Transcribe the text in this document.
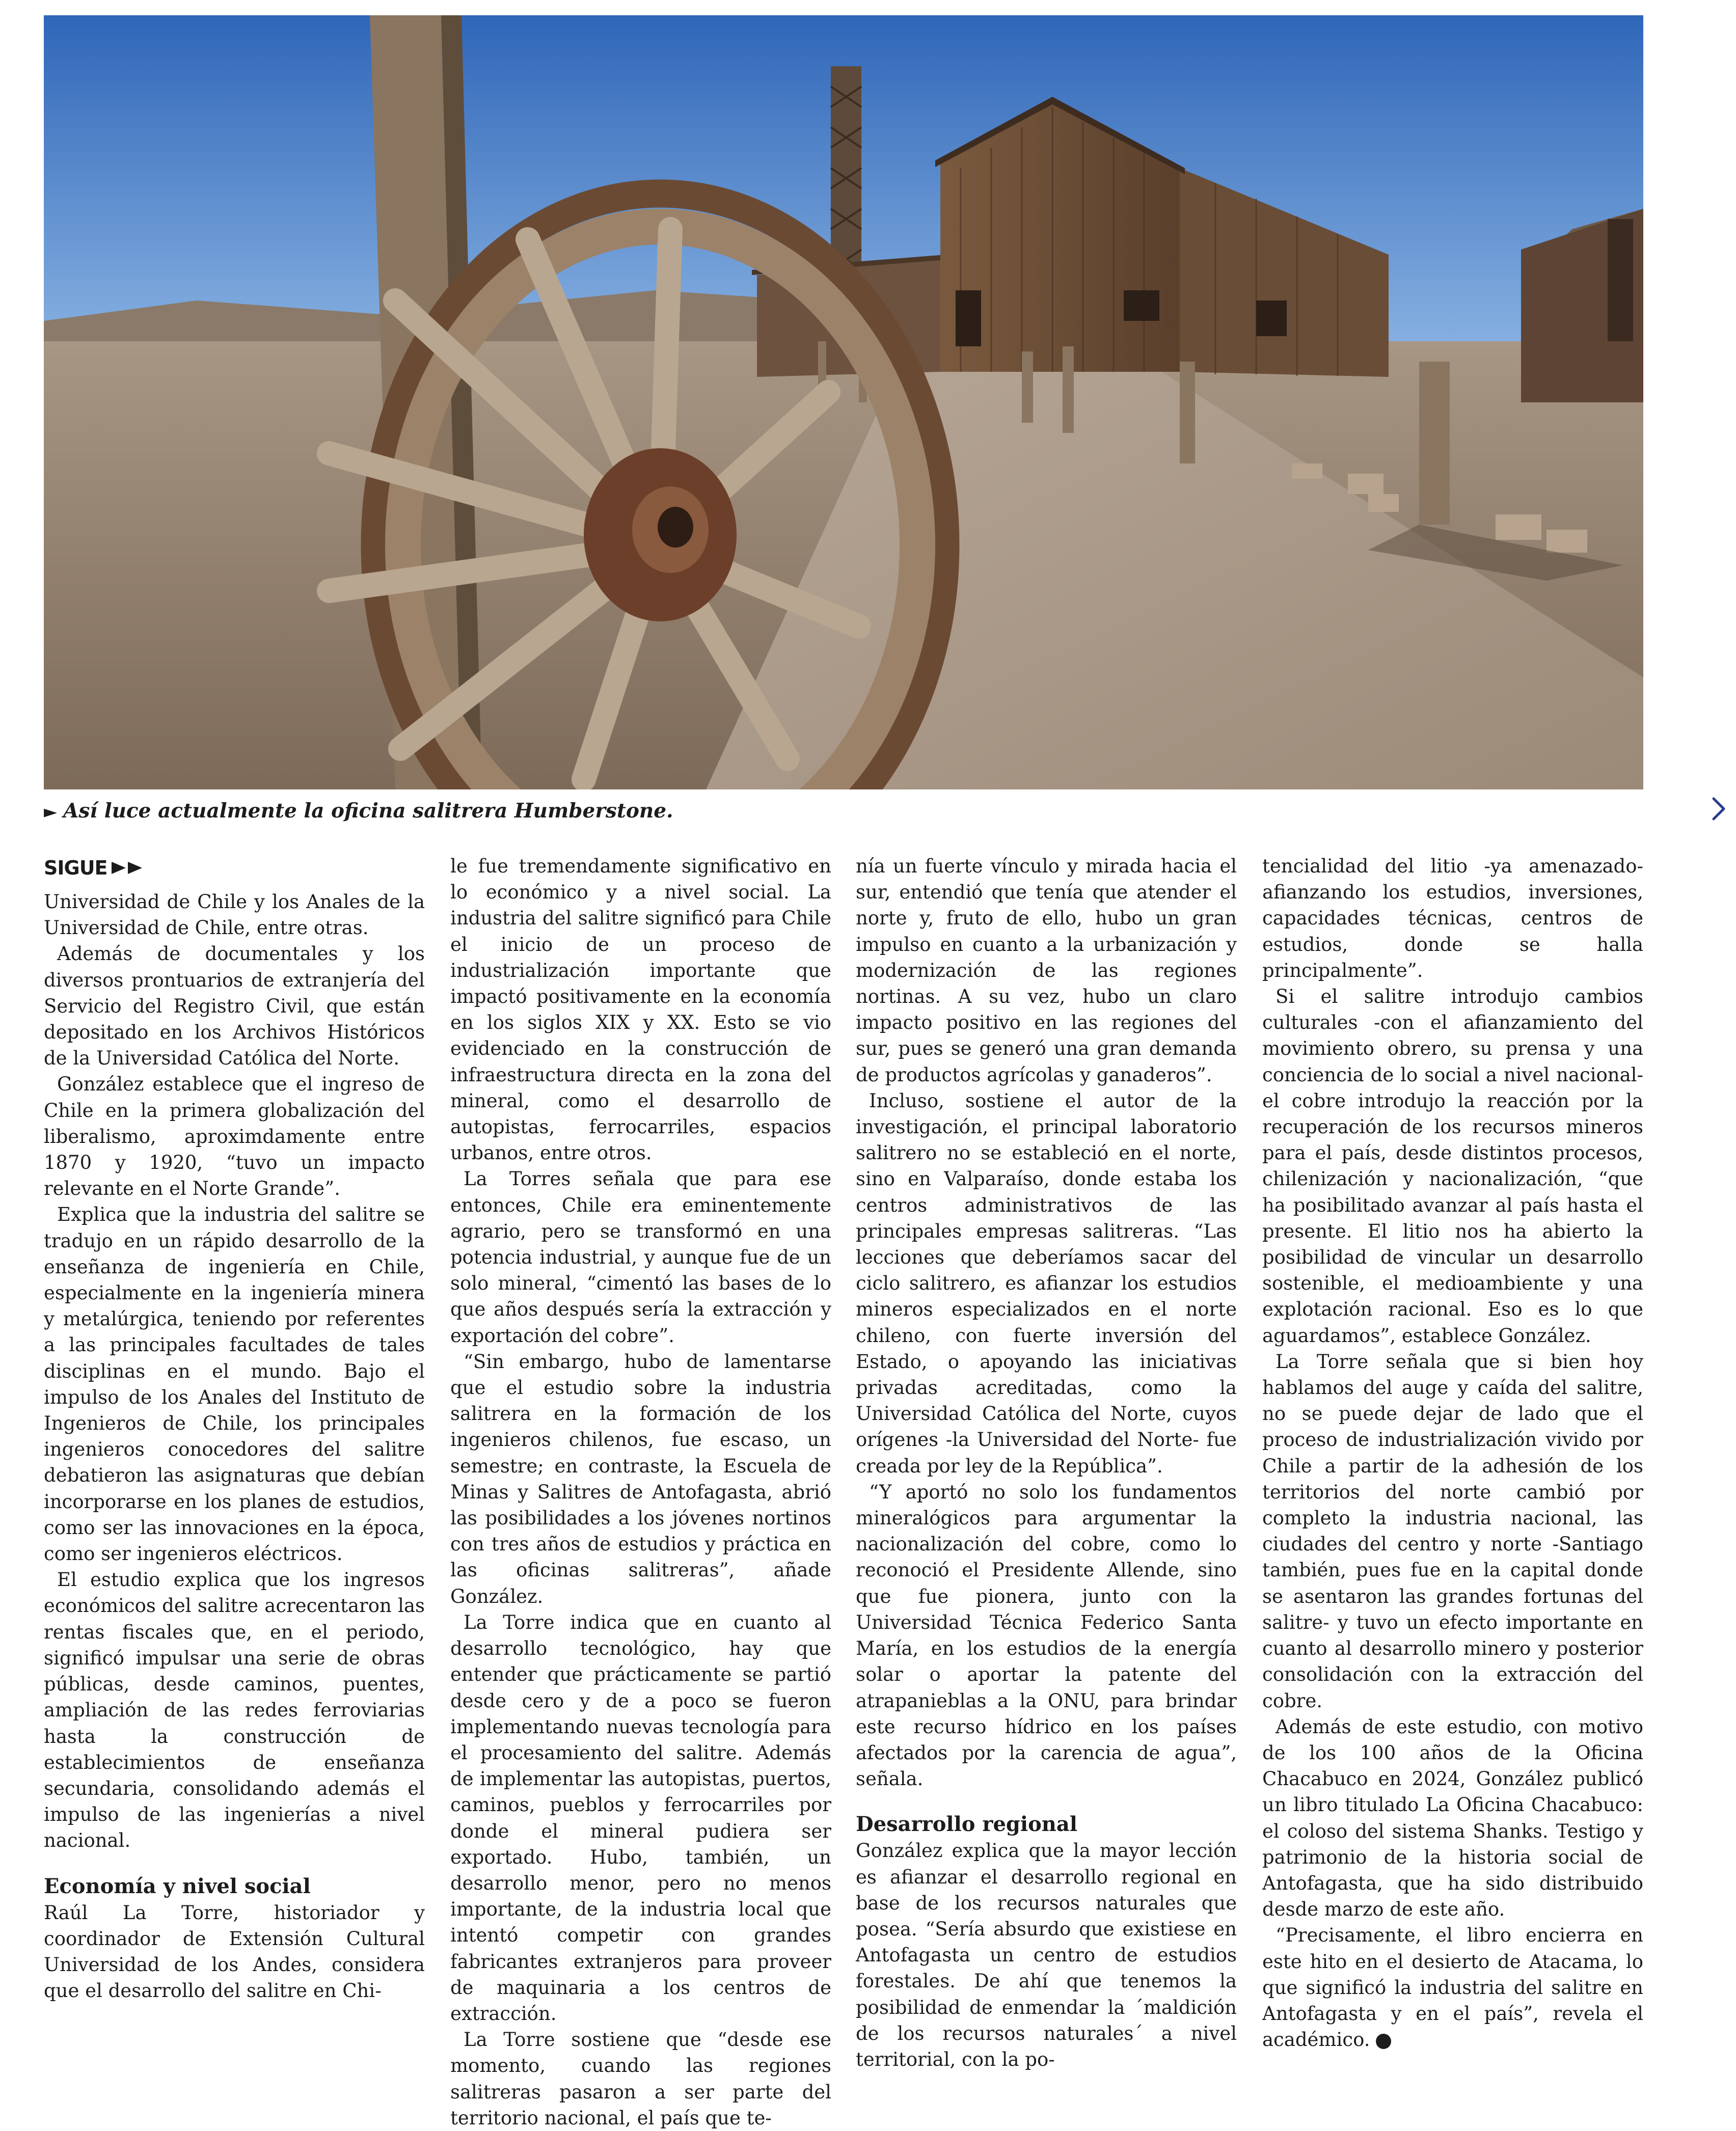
► Así luce actualmente la oficina salitrera Humberstone.
SIGUE

Universidad de Chile y los Anales de la Universidad de Chile, entre otras.

Además de documentales y los diversos prontuarios de extranjería del Servicio del Registro Civil, que están depositado en los Archivos Históricos de la Universidad Católica del Norte.

González establece que el ingreso de Chile en la primera globalización del liberalismo, aproximdamente entre 1870 y 1920, “tuvo un impacto relevante en el Norte Grande”.

Explica que la industria del salitre se tradujo en un rápido desarrollo de la enseñanza de ingeniería en Chile, especialmente en la ingeniería minera y metalúrgica, teniendo por referentes a las principales facultades de tales disciplinas en el mundo. Bajo el impulso de los Anales del Instituto de Ingenieros de Chile, los principales ingenieros conocedores del salitre debatieron las asignaturas que debían incorporarse en los planes de estudios, como ser las innovaciones en la época, como ser ingenieros eléctricos.

El estudio explica que los ingresos económicos del salitre acrecentaron las rentas fiscales que, en el periodo, significó impulsar una serie de obras públicas, desde caminos, puentes, ampliación de las redes ferroviarias hasta la construcción de establecimientos de enseñanza secundaria, consolidando además el impulso de las ingenierías a nivel nacional.

Economía y nivel social

Raúl La Torre, historiador y coordinador de Extensión Cultural Universidad de los Andes, considera que el desarrollo del salitre en Chi-

le fue tremendamente significativo en lo económico y a nivel social. La industria del salitre significó para Chile el inicio de un proceso de industrialización importante que impactó positivamente en la economía en los siglos XIX y XX. Esto se vio evidenciado en la construcción de infraestructura directa en la zona del mineral, como el desarrollo de autopistas, ferrocarriles, espacios urbanos, entre otros.

La Torres señala que para ese entonces, Chile era eminentemente agrario, pero se transformó en una potencia industrial, y aunque fue de un solo mineral, “cimentó las bases de lo que años después sería la extracción y exportación del cobre”.

“Sin embargo, hubo de lamentarse que el estudio sobre la industria salitrera en la formación de los ingenieros chilenos, fue escaso, un semestre; en contraste, la Escuela de Minas y Salitres de Antofagasta, abrió las posibilidades a los jóvenes nortinos con tres años de estudios y práctica en las oficinas salitreras”, añade González.

La Torre indica que en cuanto al desarrollo tecnológico, hay que entender que prácticamente se partió desde cero y de a poco se fueron implementando nuevas tecnología para el procesamiento del salitre. Además de implementar las autopistas, puertos, caminos, pueblos y ferrocarriles por donde el mineral pudiera ser exportado. Hubo, también, un desarrollo menor, pero no menos importante, de la industria local que intentó competir con grandes fabricantes extranjeros para proveer de maquinaria a los centros de extracción.

La Torre sostiene que “desde ese momento, cuando las regiones salitreras pasaron a ser parte del territorio nacional, el país que te-

nía un fuerte vínculo y mirada hacia el sur, entendió que tenía que atender el norte y, fruto de ello, hubo un gran impulso en cuanto a la urbanización y modernización de las regiones nortinas. A su vez, hubo un claro impacto positivo en las regiones del sur, pues se generó una gran demanda de productos agrícolas y ganaderos”.

Incluso, sostiene el autor de la investigación, el principal laboratorio salitrero no se estableció en el norte, sino en Valparaíso, donde estaba los centros administrativos de las principales empresas salitreras. “Las lecciones que deberíamos sacar del ciclo salitrero, es afianzar los estudios mineros especializados en el norte chileno, con fuerte inversión del Estado, o apoyando las iniciativas privadas acreditadas, como la Universidad Católica del Norte, cuyos orígenes -la Universidad del Norte- fue creada por ley de la República”.

“Y aportó no solo los fundamentos mineralógicos para argumentar la nacionalización del cobre, como lo reconoció el Presidente Allende, sino que fue pionera, junto con la Universidad Técnica Federico Santa María, en los estudios de la energía solar o aportar la patente del atrapanieblas a la ONU, para brindar este recurso hídrico en los países afectados por la carencia de agua”, señala.

Desarrollo regional

González explica que la mayor lección es afianzar el desarrollo regional en base de los recursos naturales que posea. “Sería absurdo que existiese en Antofagasta un centro de estudios forestales. De ahí que tenemos la posibilidad de enmendar la ´maldición de los recursos naturales´ a nivel territorial, con la po-

tencialidad del litio -ya amenazado- afianzando los estudios, inversiones, capacidades técnicas, centros de estudios, donde se halla principalmente”.

Si el salitre introdujo cambios culturales -con el afianzamiento del movimiento obrero, su prensa y una conciencia de lo social a nivel nacional- el cobre introdujo la reacción por la recuperación de los recursos mineros para el país, desde distintos procesos, chilenización y nacionalización, “que ha posibilitado avanzar al país hasta el presente. El litio nos ha abierto la posibilidad de vincular un desarrollo sostenible, el medioambiente y una explotación racional. Eso es lo que aguardamos”, establece González.

La Torre señala que si bien hoy hablamos del auge y caída del salitre, no se puede dejar de lado que el proceso de industrialización vivido por Chile a partir de la adhesión de los territorios del norte cambió por completo la industria nacional, las ciudades del centro y norte -Santiago también, pues fue en la capital donde se asentaron las grandes fortunas del salitre- y tuvo un efecto importante en cuanto al desarrollo minero y posterior consolidación con la extracción del cobre.

Además de este estudio, con motivo de los 100 años de la Oficina Chacabuco en 2024, González publicó un libro titulado La Oficina Chacabuco: el coloso del sistema Shanks. Testigo y patrimonio de la historia social de Antofagasta, que ha sido distribuido desde marzo de este año.

“Precisamente, el libro encierra en este hito en el desierto de Atacama, lo que significó la industria del salitre en Antofagasta y en el país”, revela el académico.
